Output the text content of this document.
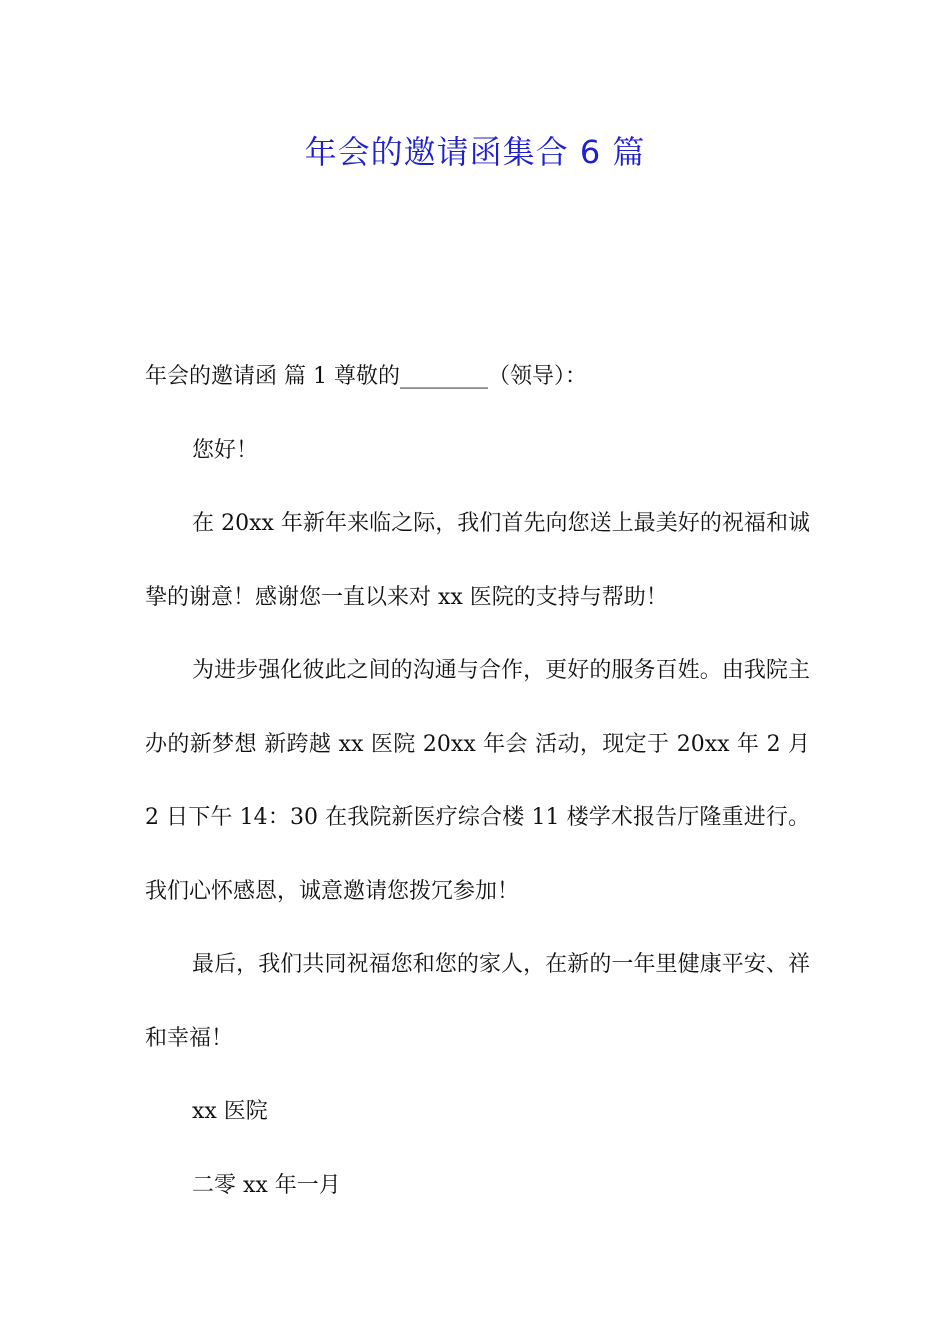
年会的邀请函集合 6 篇

年会的邀请函 篇 1 尊敬的________（领导）：

您好！

在 20xx 年新年来临之际，我们首先向您送上最美好的祝福和诚挚的谢意！感谢您一直以来对 xx 医院的支持与帮助！

为进步强化彼此之间的沟通与合作，更好的服务百姓。由我院主办的新梦想 新跨越 xx 医院 20xx 年会 活动，现定于 20xx 年 2 月 2 日下午 14：30 在我院新医疗综合楼 11 楼学术报告厅隆重进行。我们心怀感恩，诚意邀请您拨冗参加！

最后，我们共同祝福您和您的家人，在新的一年里健康平安、祥和幸福！

xx 医院

二零 xx 年一月
